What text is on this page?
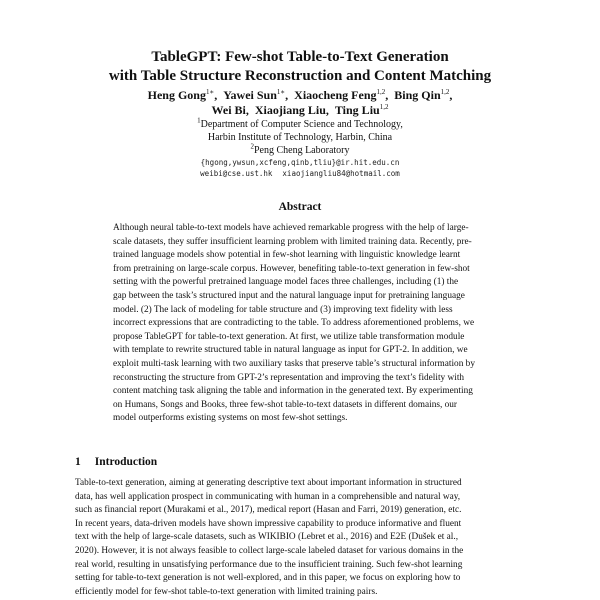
TableGPT: Few-shot Table-to-Text Generation
with Table Structure Reconstruction and Content Matching
Heng Gong$^{1∗}$, Yawei Sun$^{1∗}$, Xiaocheng Feng$^{1,2}$, Bing Qin$^{1,2}$,
Wei Bi, Xiaojiang Liu, Ting Liu$^{1,2}$
$^1$Department of Computer Science and Technology,
Harbin Institute of Technology, Harbin, China
$^2$Peng Cheng Laboratory
{hgong,ywsun,xcfeng,qinb,tliu}@ir.hit.edu.cn
weibi@cse.ust.hk xiaojiangliu84@hotmail.com
Abstract
Although neural table-to-text models have achieved remarkable progress with the help of large-
scale datasets, they suffer insufficient learning problem with limited training data. Recently, pre-
trained language models show potential in few-shot learning with linguistic knowledge learnt
from pretraining on large-scale corpus. However, benefiting table-to-text generation in few-shot
setting with the powerful pretrained language model faces three challenges, including (1) the
gap between the task’s structured input and the natural language input for pretraining language
model. (2) The lack of modeling for table structure and (3) improving text fidelity with less
incorrect expressions that are contradicting to the table. To address aforementioned problems, we
propose TableGPT for table-to-text generation. At first, we utilize table transformation module
with template to rewrite structured table in natural language as input for GPT-2. In addition, we
exploit multi-task learning with two auxiliary tasks that preserve table’s structural information by
reconstructing the structure from GPT-2’s representation and improving the text’s fidelity with
content matching task aligning the table and information in the generated text. By experimenting
on Humans, Songs and Books, three few-shot table-to-text datasets in different domains, our
model outperforms existing systems on most few-shot settings.
1 Introduction
Table-to-text generation, aiming at generating descriptive text about important information in structured
data, has well application prospect in communicating with human in a comprehensible and natural way,
such as financial report (Murakami et al., 2017), medical report (Hasan and Farri, 2019) generation, etc.
In recent years, data-driven models have shown impressive capability to produce informative and fluent
text with the help of large-scale datasets, such as WIKIBIO (Lebret et al., 2016) and E2E (Dušek et al.,
2020). However, it is not always feasible to collect large-scale labeled dataset for various domains in the
real world, resulting in unsatisfying performance due to the insufficient training. Such few-shot learning
setting for table-to-text generation is not well-explored, and in this paper, we focus on exploring how to
efficiently model for few-shot table-to-text generation with limited training pairs.
